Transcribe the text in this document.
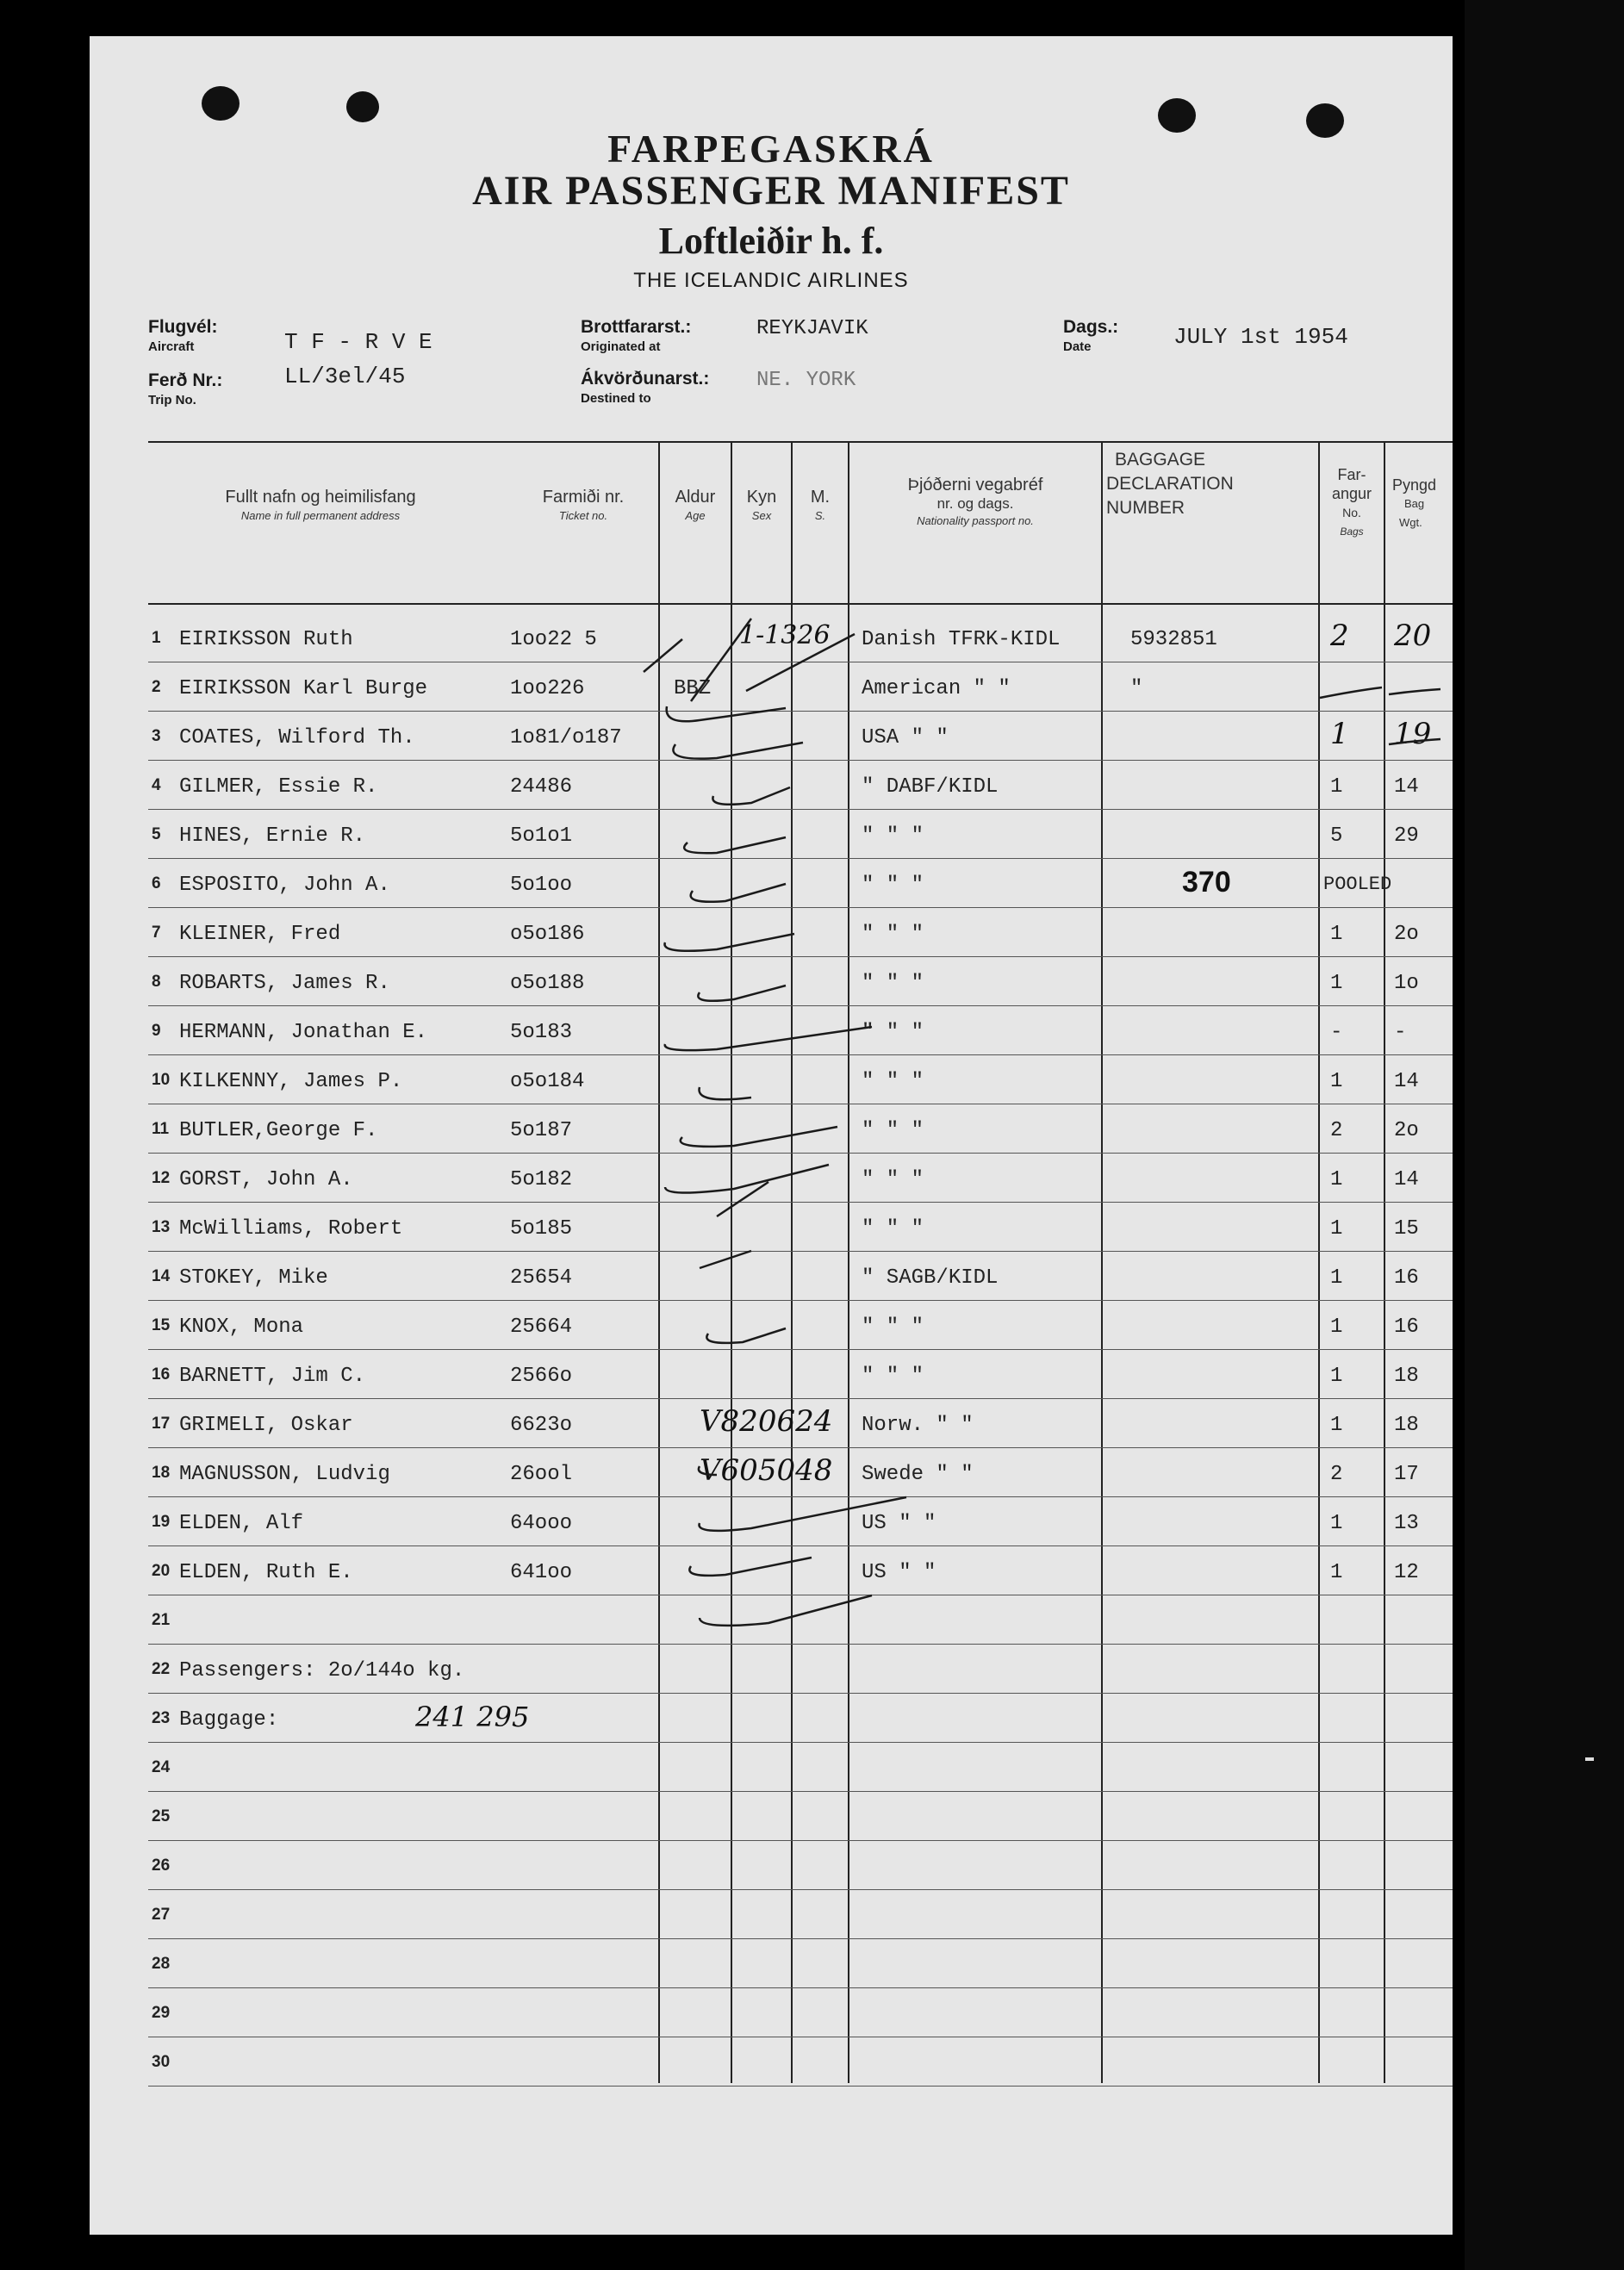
FARPEGASKRÁ
AIR PASSENGER MANIFEST
Loftleiðir h. f.
THE ICELANDIC AIRLINES
Flugvél:
Aircraft	T F - R V E
Ferð Nr.:
Trip No.
LL/3el/45
Brottfararst.:
Originated at
REYKJAVIK
Ákvörðunarst.:
Destined to
NE. YORK
Dags.:
Date	JULY 1st 1954
Fullt nafn og heimilisfang
Name in full permanent address
Farmiði nr.
Ticket no.
Aldur
Age
Kyn
Sex
M.
S.
Þjóðerni vegabréf
nr. og dags.
Nationality passport no.
BAGGAGE
DECLARATION
NUMBER
Far-
angur
No.
Bags
Pyngd
Bag
Wgt.
1 EIRIKSSON Ruth	1oo22 5	Danish TFRK-KIDL	5932851	2 20
1-1326
2 EIRIKSSON Karl Burge	1oo226	BBZ	American " "	"
3 COATES, Wilford Th.	1o81/o187	USA " "	1 19
4 GILMER, Essie R.	24486	" DABF/KIDL	1 14
5 HINES, Ernie R.	5o1o1	" " "	5 29
6 ESPOSITO, John A.	5o1oo	" " "	370	POOLED
7 KLEINER, Fred	o5o186	" " "	1 2o
8 ROBARTS, James R.	o5o188	" " "	1 1o
9 HERMANN, Jonathan E.	5o183	" " "	- -
10 KILKENNY, James P.	o5o184	" " "	1 14
11 BUTLER,George F.	5o187	" " "	2 2o
12 GORST, John A.	5o182	" " "	1 14
13 McWilliams, Robert	5o185	" " "	1 15
14 STOKEY, Mike	25654	" SAGB/KIDL	1 16
15 KNOX, Mona	25664	" " "	1 16
16 BARNETT, Jim C.	2566o	" " "	1 18
17 GRIMELI, Oskar	6623o	Norw. " "	1 18
V820624
18 MAGNUSSON, Ludvig	26ool	Swede " "	2 17
V605048
19 ELDEN, Alf	64ooo	US " "	1 13
20 ELDEN, Ruth E.	641oo	US " "	1 12
21
22 Passengers: 2o/144o kg.
23 Baggage:	241 295
24
25
26
27
28
29
30
